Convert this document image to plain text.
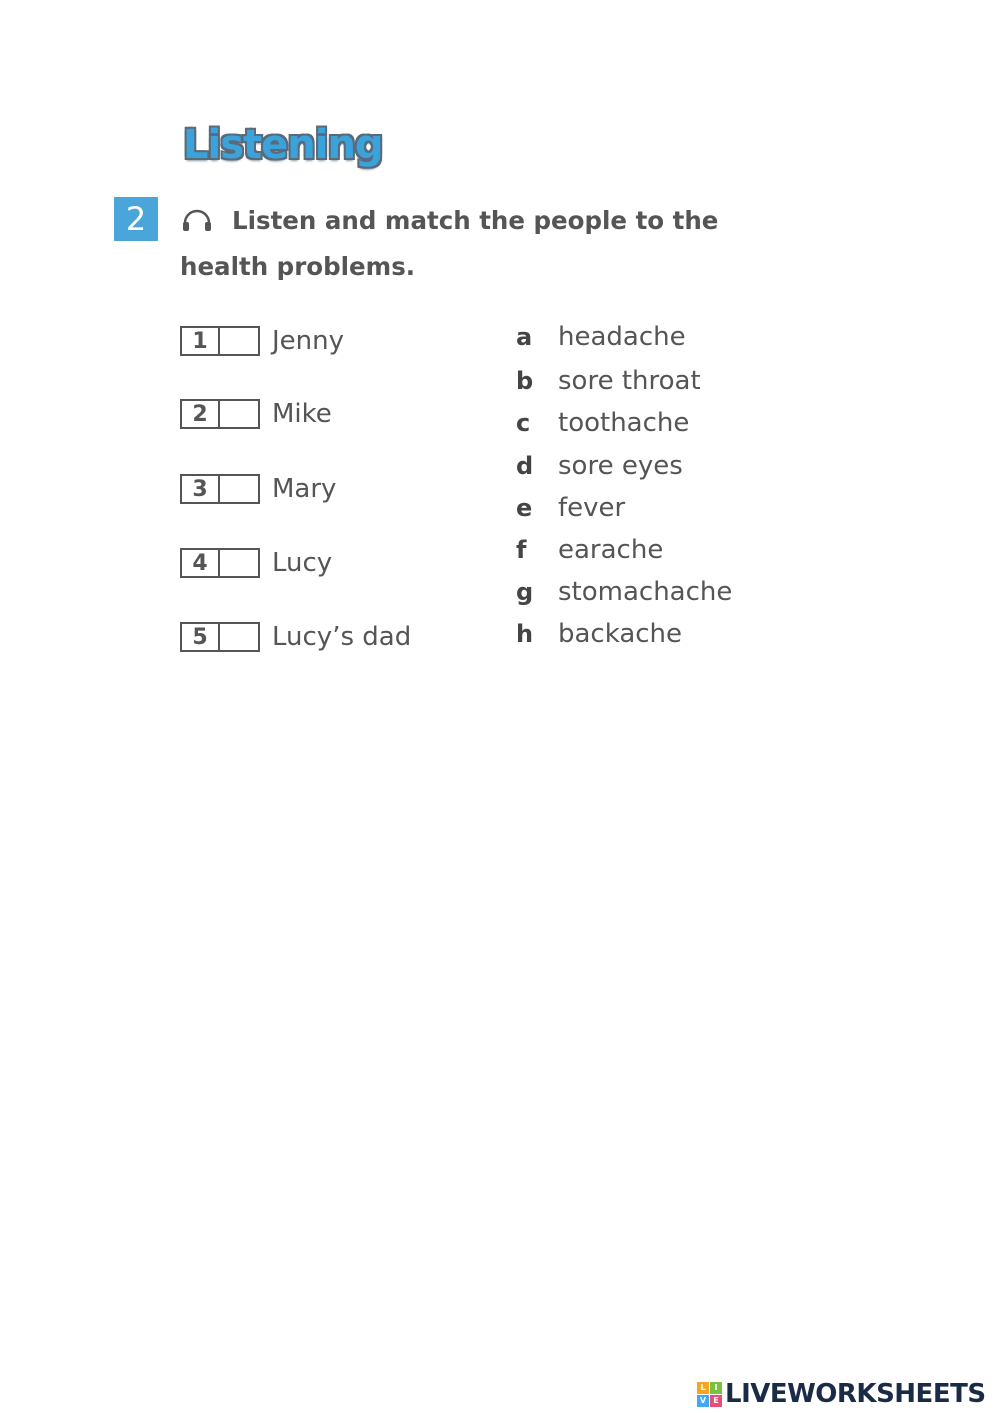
Listening
2	Listen and match the people to the health problems.

1	Jenny
2	Mike
3	Mary
4	Lucy
5	Lucy’s dad
a headache
b sore throat
c	toothache
d sore eyes
e fever
f	earache
g stomachache
h backache
L	I
V E LIVEWORKSHEETS
